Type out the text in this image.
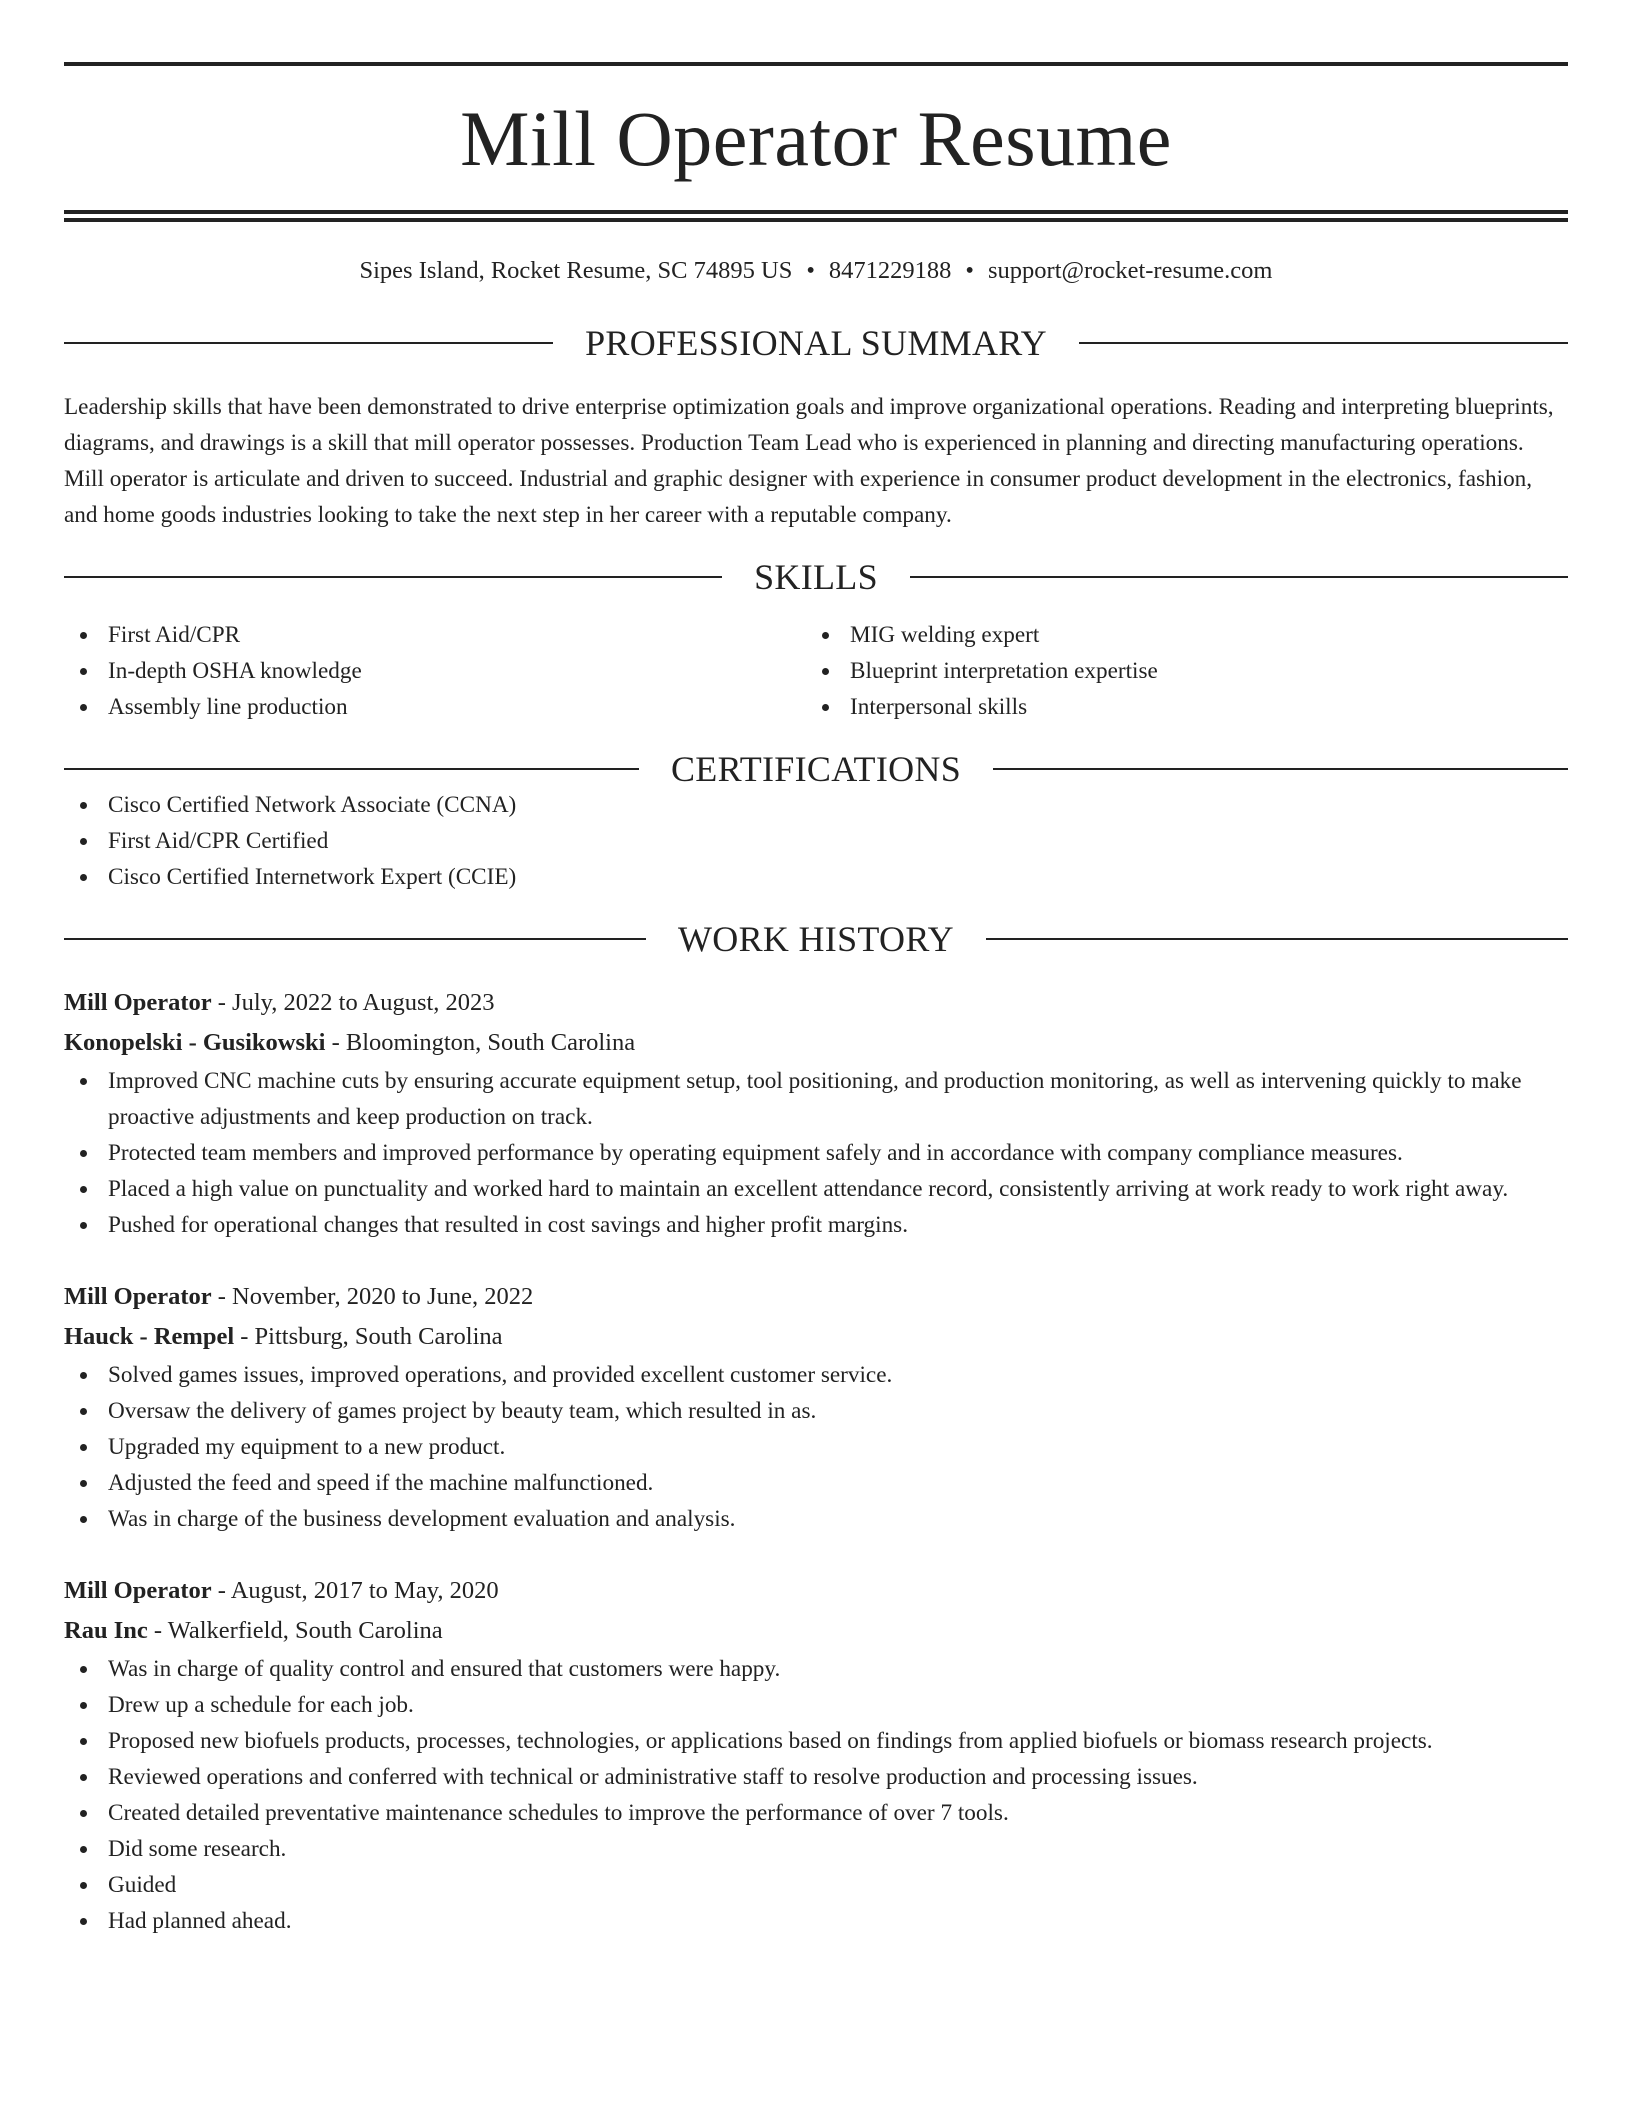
Mill Operator Resume
Sipes Island, Rocket Resume, SC 74895 US • 8471229188 • support@rocket-resume.com
PROFESSIONAL SUMMARY
Leadership skills that have been demonstrated to drive enterprise optimization goals and improve organizational operations. Reading and interpreting blueprints, diagrams, and drawings is a skill that mill operator possesses. Production Team Lead who is experienced in planning and directing manufacturing operations. Mill operator is articulate and driven to succeed. Industrial and graphic designer with experience in consumer product development in the electronics, fashion, and home goods industries looking to take the next step in her career with a reputable company.
SKILLS
First Aid/CPR
In-depth OSHA knowledge
Assembly line production
MIG welding expert
Blueprint interpretation expertise
Interpersonal skills
CERTIFICATIONS
Cisco Certified Network Associate (CCNA)
First Aid/CPR Certified
Cisco Certified Internetwork Expert (CCIE)
WORK HISTORY
Mill Operator - July, 2022 to August, 2023
Konopelski - Gusikowski - Bloomington, South Carolina
Improved CNC machine cuts by ensuring accurate equipment setup, tool positioning, and production monitoring, as well as intervening quickly to make proactive adjustments and keep production on track.
Protected team members and improved performance by operating equipment safely and in accordance with company compliance measures.
Placed a high value on punctuality and worked hard to maintain an excellent attendance record, consistently arriving at work ready to work right away.
Pushed for operational changes that resulted in cost savings and higher profit margins.
Mill Operator - November, 2020 to June, 2022
Hauck - Rempel - Pittsburg, South Carolina
Solved games issues, improved operations, and provided excellent customer service.
Oversaw the delivery of games project by beauty team, which resulted in as.
Upgraded my equipment to a new product.
Adjusted the feed and speed if the machine malfunctioned.
Was in charge of the business development evaluation and analysis.
Mill Operator - August, 2017 to May, 2020
Rau Inc - Walkerfield, South Carolina
Was in charge of quality control and ensured that customers were happy.
Drew up a schedule for each job.
Proposed new biofuels products, processes, technologies, or applications based on findings from applied biofuels or biomass research projects.
Reviewed operations and conferred with technical or administrative staff to resolve production and processing issues.
Created detailed preventative maintenance schedules to improve the performance of over 7 tools.
Did some research.
Guided
Had planned ahead.
